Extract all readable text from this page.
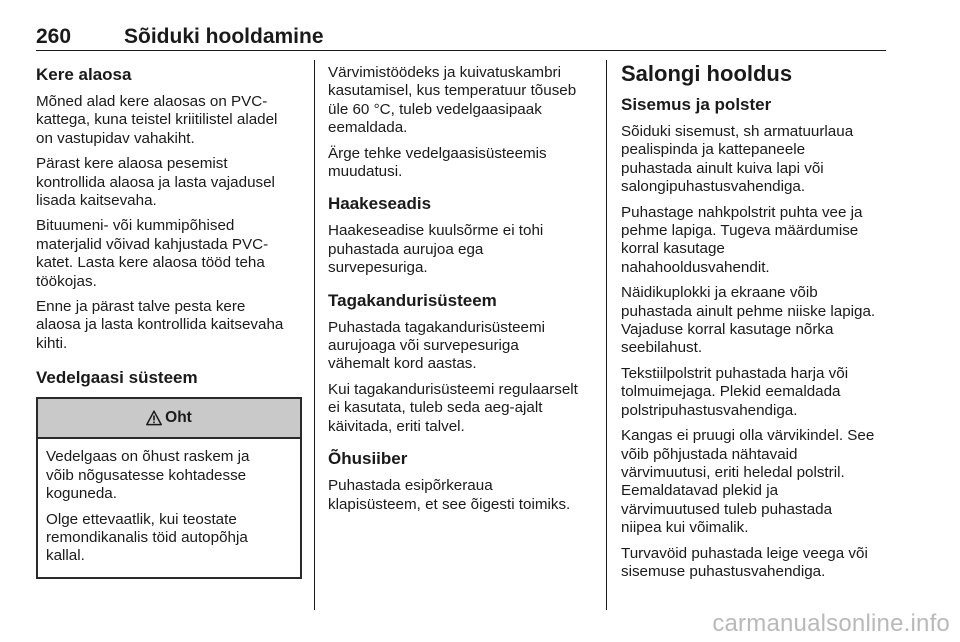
260	Sõiduki hooldamine
Kere alaosa

Mõned alad kere alaosas on PVC-
kattega, kuna teistel kriitilistel aladel
on vastupidav vahakiht.

Pärast kere alaosa pesemist
kontrollida alaosa ja lasta vajadusel
lisada kaitsevaha.

Bituumeni- või kummipõhised
materjalid võivad kahjustada PVC-
katet. Lasta kere alaosa tööd teha
töökojas.

Enne ja pärast talve pesta kere
alaosa ja lasta kontrollida kaitsevaha
kihti.

Vedelgaasi süsteem
Oht

Vedelgaas on õhust raskem ja
võib nõgusatesse kohtadesse
koguneda.

Olge ettevaatlik, kui teostate
remondikanalis töid autopõhja
kallal.

Värvimistöödeks ja kuivatuskambri
kasutamisel, kus temperatuur tõuseb
üle 60 °C, tuleb vedelgaasipaak
eemaldada.

Ärge tehke vedelgaasisüsteemis
muudatusi.

Haakeseadis

Haakeseadise kuulsõrme ei tohi
puhastada aurujoa ega
survepesuriga.

Tagakandurisüsteem

Puhastada tagakandurisüsteemi
aurujoaga või survepesuriga
vähemalt kord aastas.

Kui tagakandurisüsteemi regulaarselt
ei kasutata, tuleb seda aeg-ajalt
käivitada, eriti talvel.

Õhusiiber

Puhastada esipõrkeraua
klapisüsteem, et see õigesti toimiks.

Salongi hooldus
Sisemus ja polster

Sõiduki sisemust, sh armatuurlaua
pealispinda ja kattepaneele
puhastada ainult kuiva lapi või
salongipuhastusvahendiga.

Puhastage nahkpolstrit puhta vee ja
pehme lapiga. Tugeva määrdumise
korral kasutage
nahahooldusvahendit.

Näidikuplokki ja ekraane võib
puhastada ainult pehme niiske lapiga.
Vajaduse korral kasutage nõrka
seebilahust.

Tekstiilpolstrit puhastada harja või
tolmuimejaga. Plekid eemaldada
polstripuhastusvahendiga.

Kangas ei pruugi olla värvikindel. See
võib põhjustada nähtavaid
värvimuutusi, eriti heledal polstril.
Eemaldatavad plekid ja
värvimuutused tuleb puhastada
niipea kui võimalik.

Turvavöid puhastada leige veega või
sisemuse puhastusvahendiga.

carmanualsonline.info
